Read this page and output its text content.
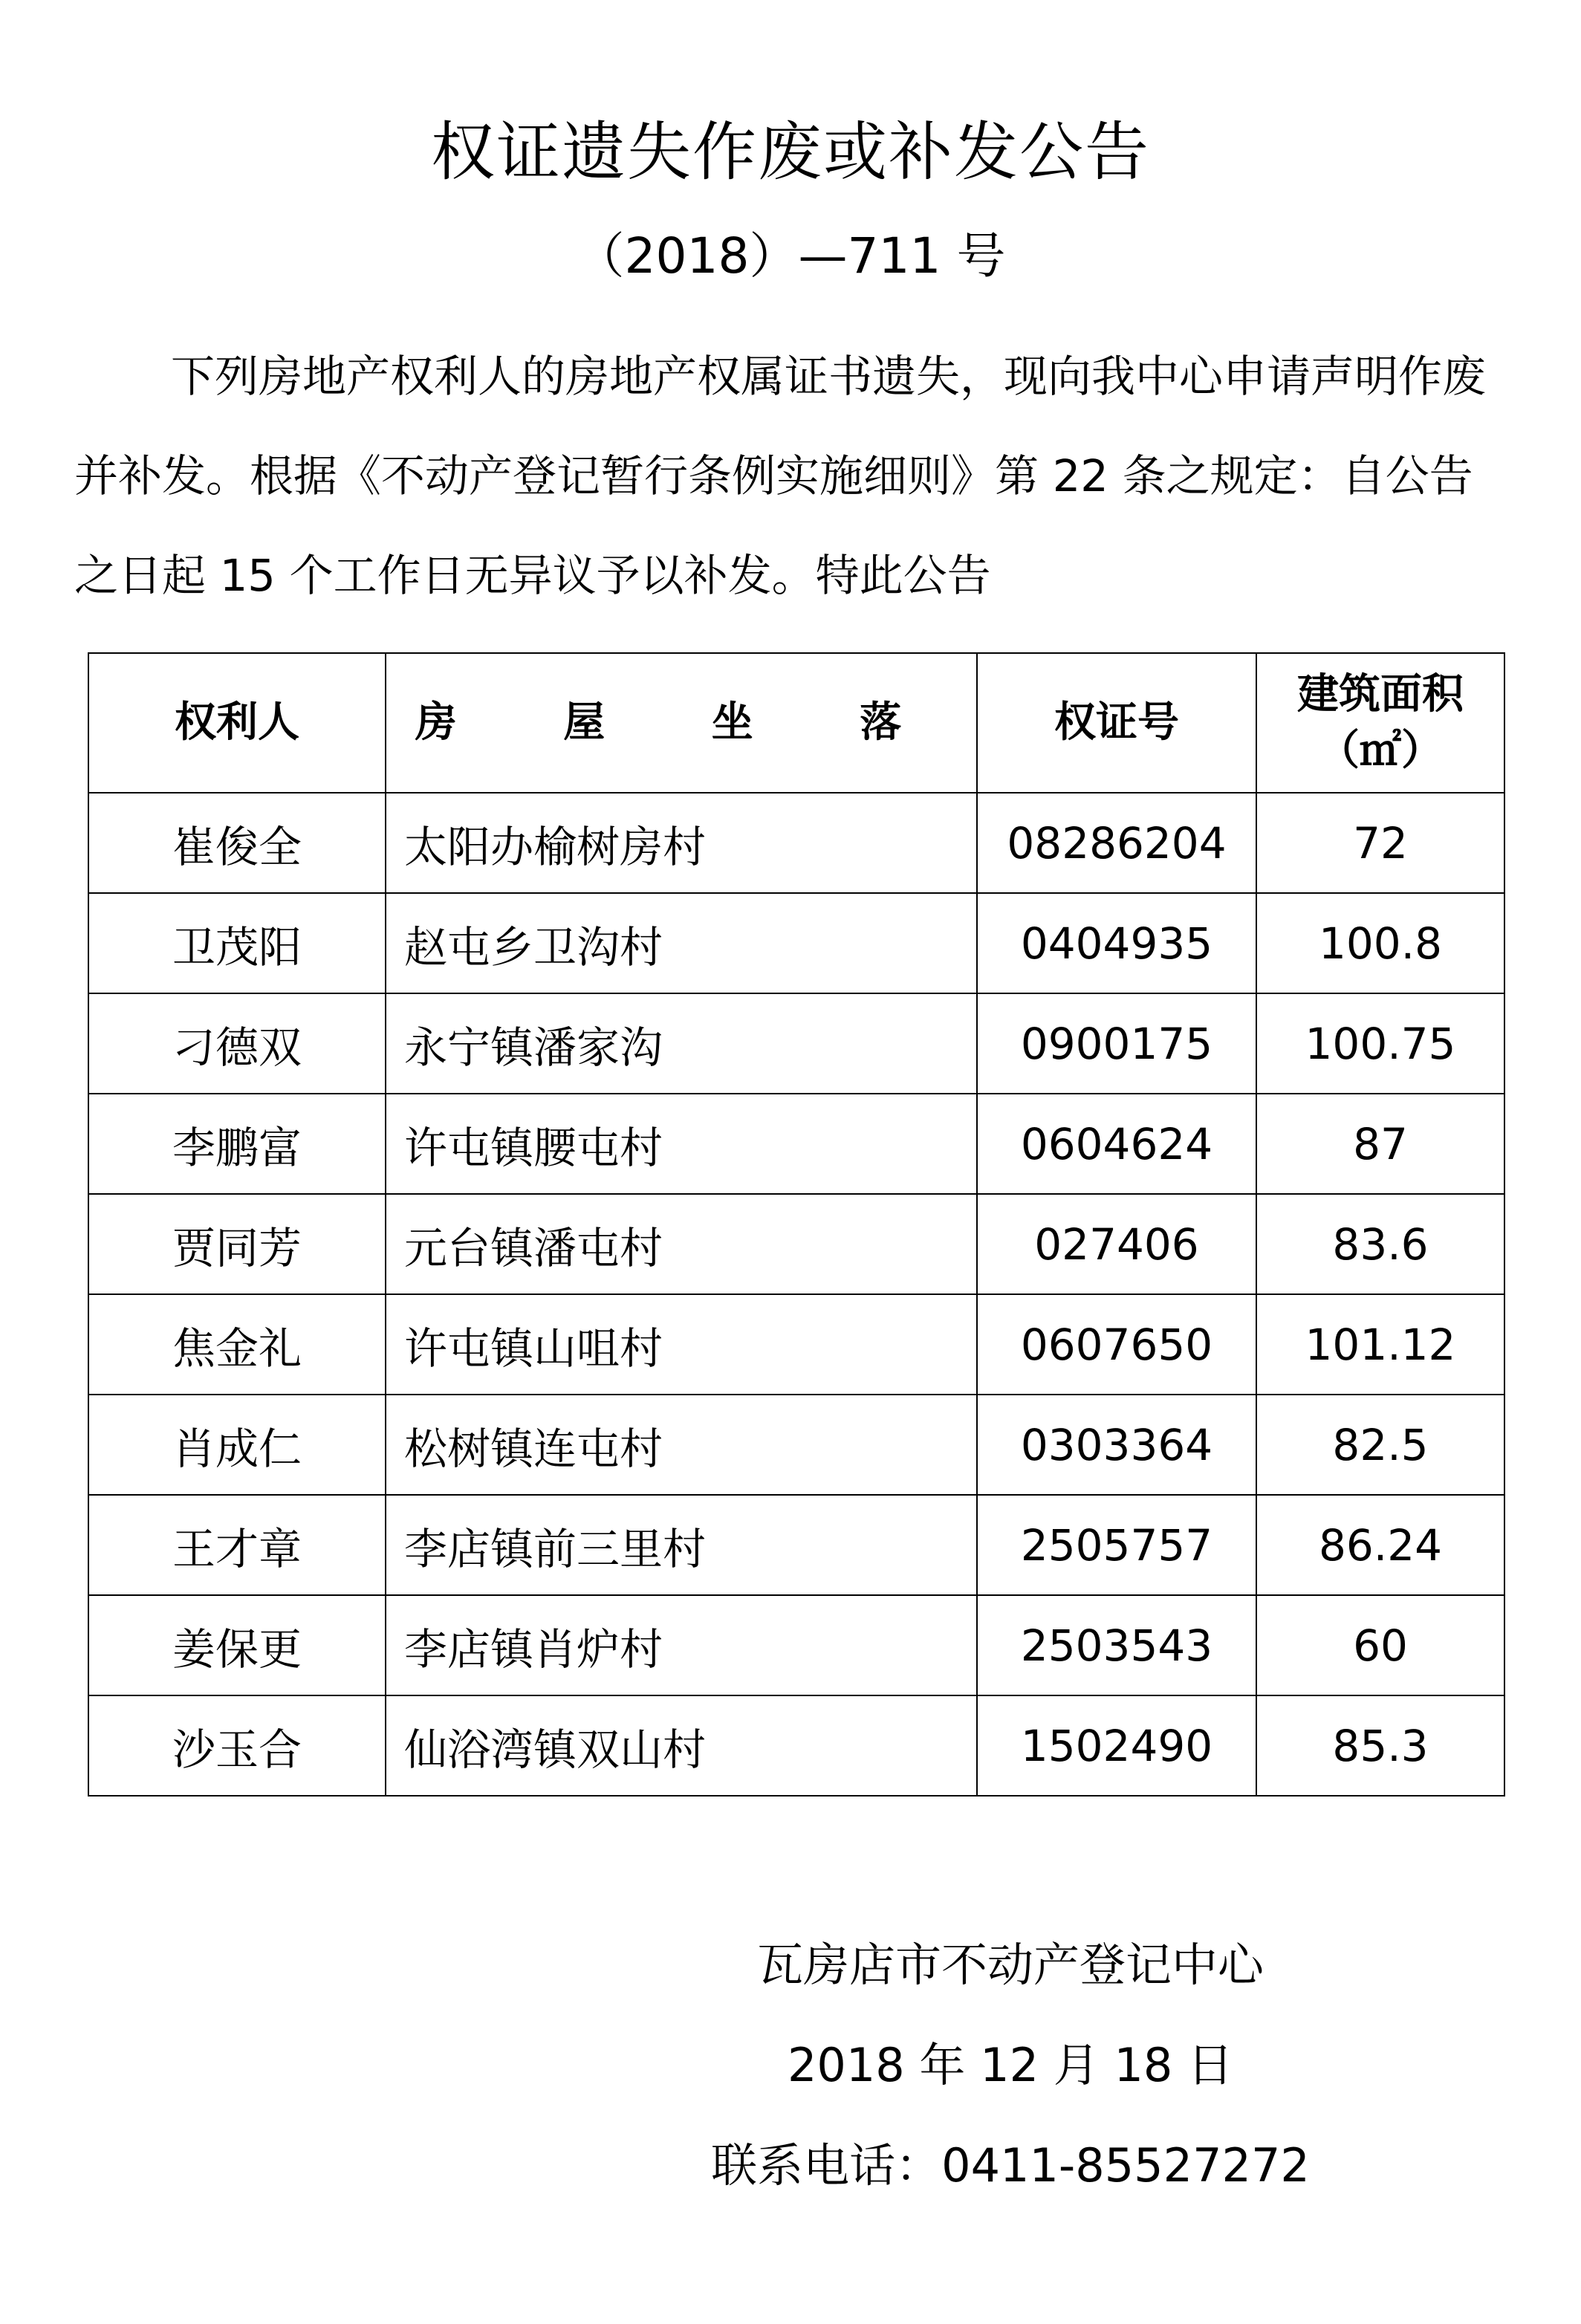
权证遗失作废或补发公告
（2018）—711 号
下列房地产权利人的房地产权属证书遗失，现向我中心申请声明作废并补发。根据《不动产登记暂行条例实施细则》第 22 条之规定：自公告之日起 15 个工作日无异议予以补发。特此公告
权利人	房 屋 坐 落	权证号	建筑面积
（㎡）

崔俊全	太阳办榆树房村	08286204	72
卫茂阳	赵屯乡卫沟村	0404935	100.8
刁德双	永宁镇潘家沟	0900175	100.75
李鹏富	许屯镇腰屯村	0604624	87
贾同芳	元台镇潘屯村	027406	83.6
焦金礼	许屯镇山咀村	0607650	101.12
肖成仁	松树镇连屯村	0303364	82.5
王才章	李店镇前三里村	2505757	86.24
姜保更	李店镇肖炉村	2503543	60
沙玉合	仙浴湾镇双山村	1502490	85.3
瓦房店市不动产登记中心
2018 年 12 月 18 日
联系电话：0411-85527272
